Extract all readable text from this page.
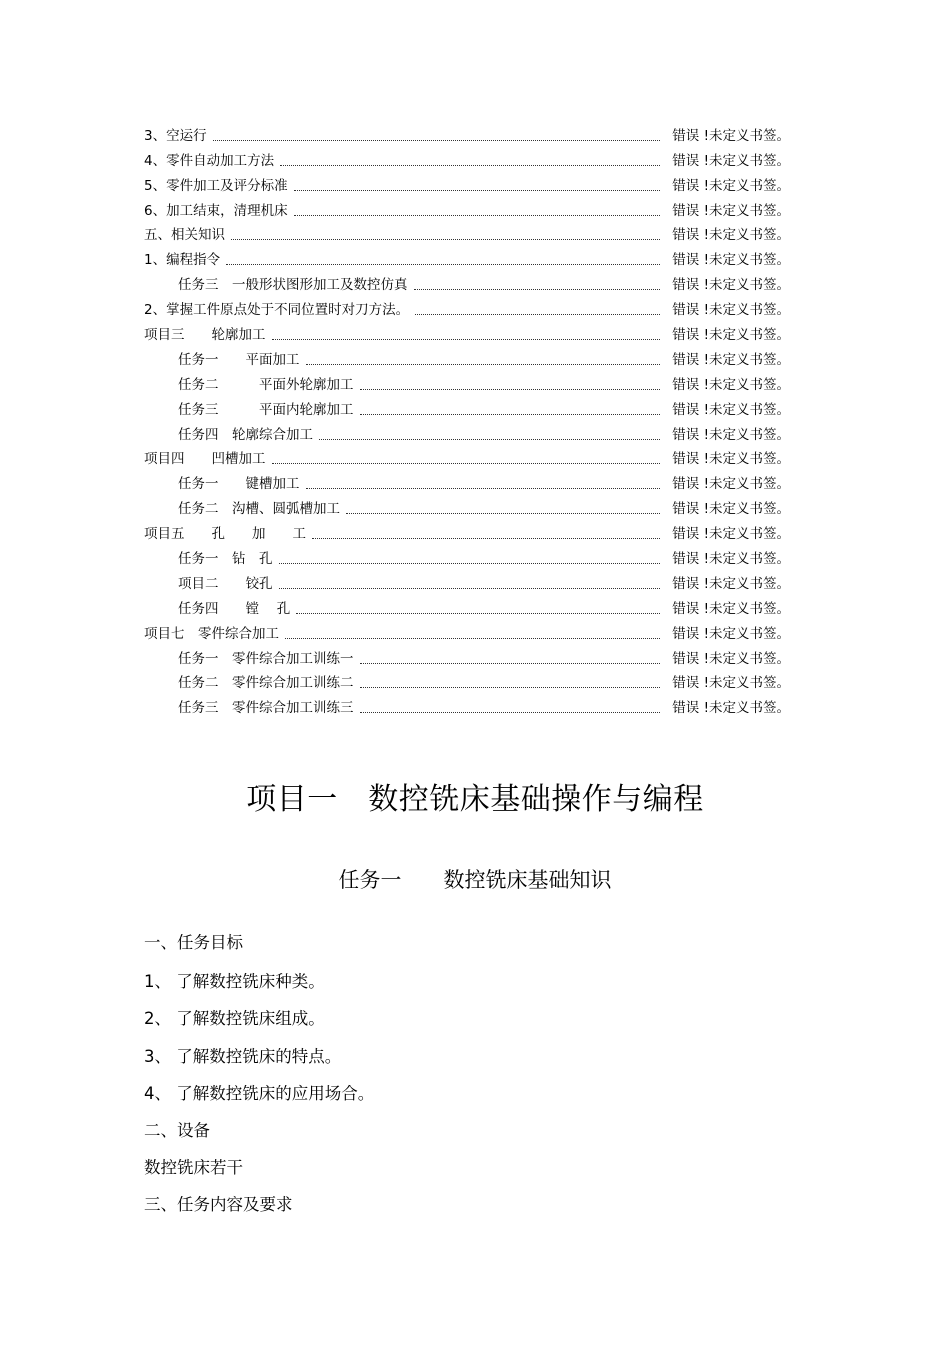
3、空运行	错误 !未定义书签。
4、零件自动加工方法	错误 !未定义书签。
5、零件加工及评分标准	错误 !未定义书签。
6、加工结束，清理机床	错误 !未定义书签。
五、相关知识	错误 !未定义书签。
1、编程指令	错误 !未定义书签。
任务三　一般形状图形加工及数控仿真	错误 !未定义书签。
2、掌握工件原点处于不同位置时对刀方法。	错误 !未定义书签。
项目三　　轮廓加工	错误 !未定义书签。
任务一　　平面加工	错误 !未定义书签。
任务二　　　平面外轮廓加工	错误 !未定义书签。
任务三　　　平面内轮廓加工	错误 !未定义书签。
任务四　轮廓综合加工	错误 !未定义书签。
项目四　　凹槽加工	错误 !未定义书签。
任务一　　键槽加工	错误 !未定义书签。
任务二　沟槽、圆弧槽加工	错误 !未定义书签。
项目五　　孔　　加　　工	错误 !未定义书签。
任务一　钻　孔	错误 !未定义书签。
项目二　　铰孔	错误 !未定义书签。
任务四　　镗　 孔	错误 !未定义书签。
项目七　零件综合加工	错误 !未定义书签。
任务一　零件综合加工训练一	错误 !未定义书签。
任务二　零件综合加工训练二	错误 !未定义书签。
任务三　零件综合加工训练三	错误 !未定义书签。
项目一　数控铣床基础操作与编程
任务一　　数控铣床基础知识
一、任务目标
1、 了解数控铣床种类。
2、 了解数控铣床组成。
3、 了解数控铣床的特点。
4、 了解数控铣床的应用场合。
二、设备
数控铣床若干
三、任务内容及要求
